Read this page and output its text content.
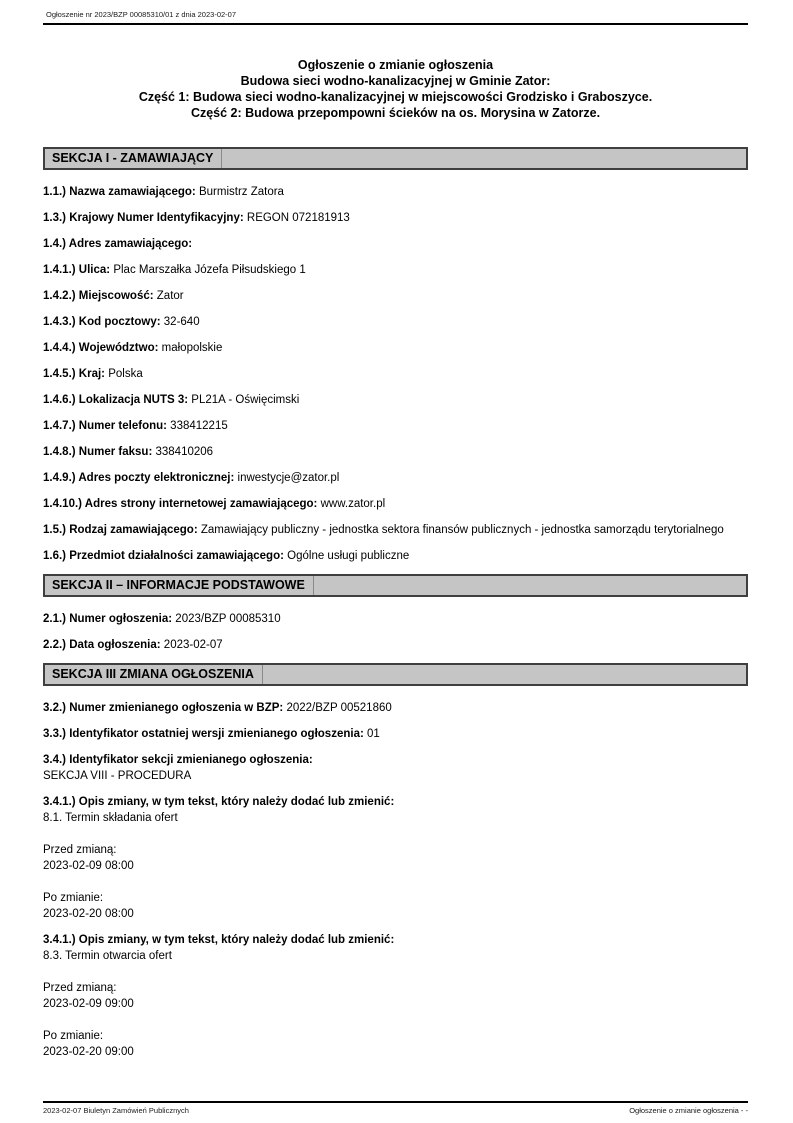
Ogłoszenie nr 2023/BZP 00085310/01 z dnia 2023-02-07
Ogłoszenie o zmianie ogłoszenia
Budowa sieci wodno-kanalizacyjnej w Gminie Zator:
Część 1: Budowa sieci wodno-kanalizacyjnej w miejscowości Grodzisko i Graboszyce.
Część 2: Budowa przepompowni ścieków na os. Morysina w Zatorze.
SEKCJA I - ZAMAWIAJĄCY
1.1.) Nazwa zamawiającego: Burmistrz Zatora
1.3.) Krajowy Numer Identyfikacyjny: REGON 072181913
1.4.) Adres zamawiającego:
1.4.1.) Ulica: Plac Marszałka Józefa Piłsudskiego 1
1.4.2.) Miejscowość: Zator
1.4.3.) Kod pocztowy: 32-640
1.4.4.) Województwo: małopolskie
1.4.5.) Kraj: Polska
1.4.6.) Lokalizacja NUTS 3: PL21A - Oświęcimski
1.4.7.) Numer telefonu: 338412215
1.4.8.) Numer faksu: 338410206
1.4.9.) Adres poczty elektronicznej: inwestycje@zator.pl
1.4.10.) Adres strony internetowej zamawiającego: www.zator.pl
1.5.) Rodzaj zamawiającego: Zamawiający publiczny - jednostka sektora finansów publicznych - jednostka samorządu terytorialnego
1.6.) Przedmiot działalności zamawiającego: Ogólne usługi publiczne
SEKCJA II – INFORMACJE PODSTAWOWE
2.1.) Numer ogłoszenia: 2023/BZP 00085310
2.2.) Data ogłoszenia: 2023-02-07
SEKCJA III ZMIANA OGŁOSZENIA
3.2.) Numer zmienianego ogłoszenia w BZP: 2022/BZP 00521860
3.3.) Identyfikator ostatniej wersji zmienianego ogłoszenia: 01
3.4.) Identyfikator sekcji zmienianego ogłoszenia:
SEKCJA VIII - PROCEDURA
3.4.1.) Opis zmiany, w tym tekst, który należy dodać lub zmienić:
8.1. Termin składania ofert
Przed zmianą:
2023-02-09 08:00
Po zmianie:
2023-02-20 08:00
3.4.1.) Opis zmiany, w tym tekst, który należy dodać lub zmienić:
8.3. Termin otwarcia ofert
Przed zmianą:
2023-02-09 09:00
Po zmianie:
2023-02-20 09:00
2023-02-07 Biuletyn Zamówień Publicznych	Ogłoszenie o zmianie ogłoszenia - -
